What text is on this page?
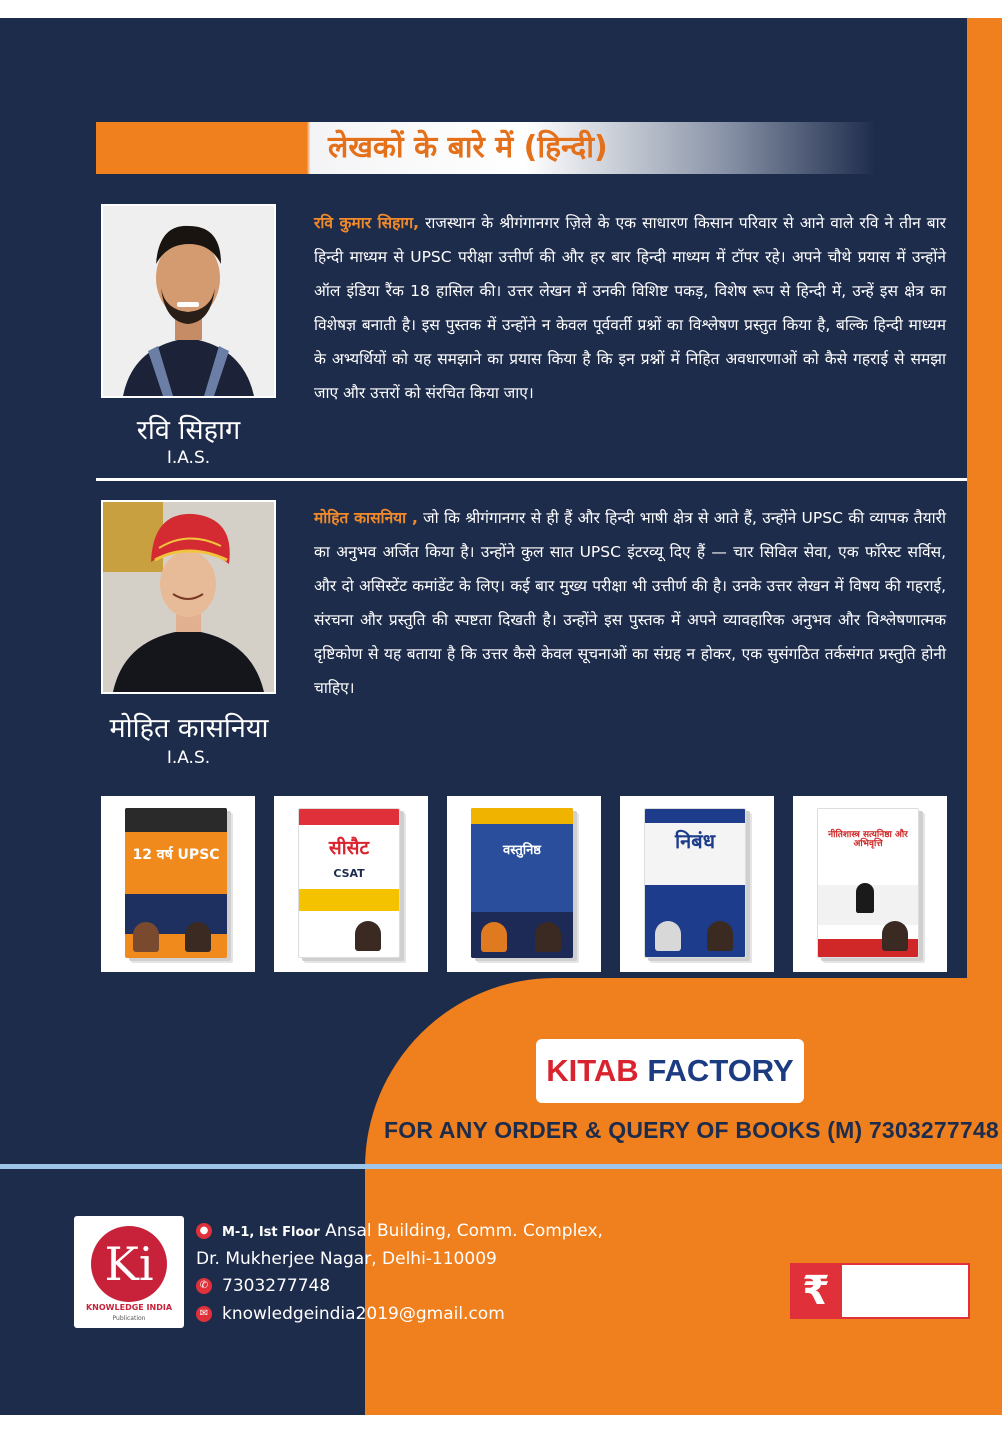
लेखकों के बारे में (हिन्दी)
रवि सिहाग
I.A.S.
रवि कुमार सिहाग, राजस्थान के श्रीगंगानगर ज़िले के एक साधारण किसान परिवार से आने वाले रवि ने तीन बार हिन्दी माध्यम से UPSC परीक्षा उत्तीर्ण की और हर बार हिन्दी माध्यम में टॉपर रहे। अपने चौथे प्रयास में उन्होंने ऑल इंडिया रैंक 18 हासिल की। उत्तर लेखन में उनकी विशिष्ट पकड़, विशेष रूप से हिन्दी में, उन्हें इस क्षेत्र का विशेषज्ञ बनाती है। इस पुस्तक में उन्होंने न केवल पूर्ववर्ती प्रश्नों का विश्लेषण प्रस्तुत किया है, बल्कि हिन्दी माध्यम के अभ्यर्थियों को यह समझाने का प्रयास किया है कि इन प्रश्नों में निहित अवधारणाओं को कैसे गहराई से समझा जाए और उत्तरों को संरचित किया जाए।
मोहित कासनिया
I.A.S.
मोहित कासनिया , जो कि श्रीगंगानगर से ही हैं और हिन्दी भाषी क्षेत्र से आते हैं, उन्होंने UPSC की व्यापक तैयारी का अनुभव अर्जित किया है। उन्होंने कुल सात UPSC इंटरव्यू दिए हैं — चार सिविल सेवा, एक फॉरेस्ट सर्विस, और दो असिस्टेंट कमांडेंट के लिए। कई बार मुख्य परीक्षा भी उत्तीर्ण की है। उनके उत्तर लेखन में विषय की गहराई, संरचना और प्रस्तुति की स्पष्टता दिखती है। उन्होंने इस पुस्तक में अपने व्यावहारिक अनुभव और विश्लेषणात्मक दृष्टिकोण से यह बताया है कि उत्तर कैसे केवल सूचनाओं का संग्रह न होकर, एक सुसंगठित तर्कसंगत प्रस्तुति होनी चाहिए।
12 वर्ष UPSC	सीसैट
CSAT
वस्तुनिष्ठ	निबंध	नीतिशास्त्र सत्यनिष्ठा और अभिवृत्ति
KITAB FACTORY
FOR ANY ORDER & QUERY OF BOOKS (M) 7303277748
Ki
KNOWLEDGE INDIA
Publication
● M-1, Ist Floor Ansal Building, Comm. Complex,
Dr. Mukherjee Nagar, Delhi-110009
✆ 7303277748
✉ knowledgeindia2019@gmail.com	₹
